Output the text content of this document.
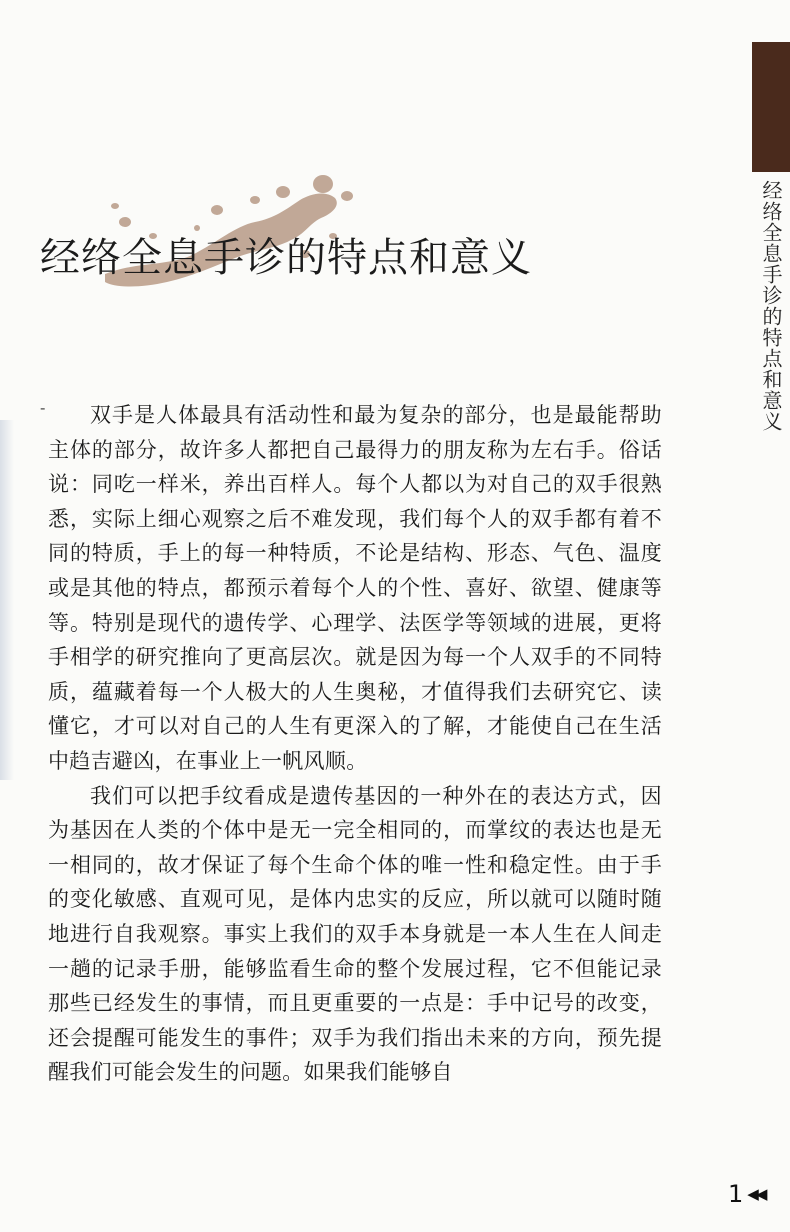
经络全息手诊的特点和意义
经络全息手诊的特点和意义
-	双手是人体最具有活动性和最为复杂的部分，也是最能帮助主体的部分，故许多人都把自己最得力的朋友称为左右手。俗话说：同吃一样米，养出百样人。每个人都以为对自己的双手很熟悉，实际上细心观察之后不难发现，我们每个人的双手都有着不同的特质，手上的每一种特质，不论是结构、形态、气色、温度或是其他的特点，都预示着每个人的个性、喜好、欲望、健康等等。特别是现代的遗传学、心理学、法医学等领域的进展，更将手相学的研究推向了更高层次。就是因为每一个人双手的不同特质，蕴藏着每一个人极大的人生奥秘，才值得我们去研究它、读懂它，才可以对自己的人生有更深入的了解，才能使自己在生活中趋吉避凶，在事业上一帆风顺。

我们可以把手纹看成是遗传基因的一种外在的表达方式，因为基因在人类的个体中是无一完全相同的，而掌纹的表达也是无一相同的，故才保证了每个生命个体的唯一性和稳定性。由于手的变化敏感、直观可见，是体内忠实的反应，所以就可以随时随地进行自我观察。事实上我们的双手本身就是一本人生在人间走一趟的记录手册，能够监看生命的整个发展过程，它不但能记录那些已经发生的事情，而且更重要的一点是：手中记号的改变，还会提醒可能发生的事件；双手为我们指出未来的方向，预先提醒我们可能会发生的问题。如果我们能够自

1 ◀◀
